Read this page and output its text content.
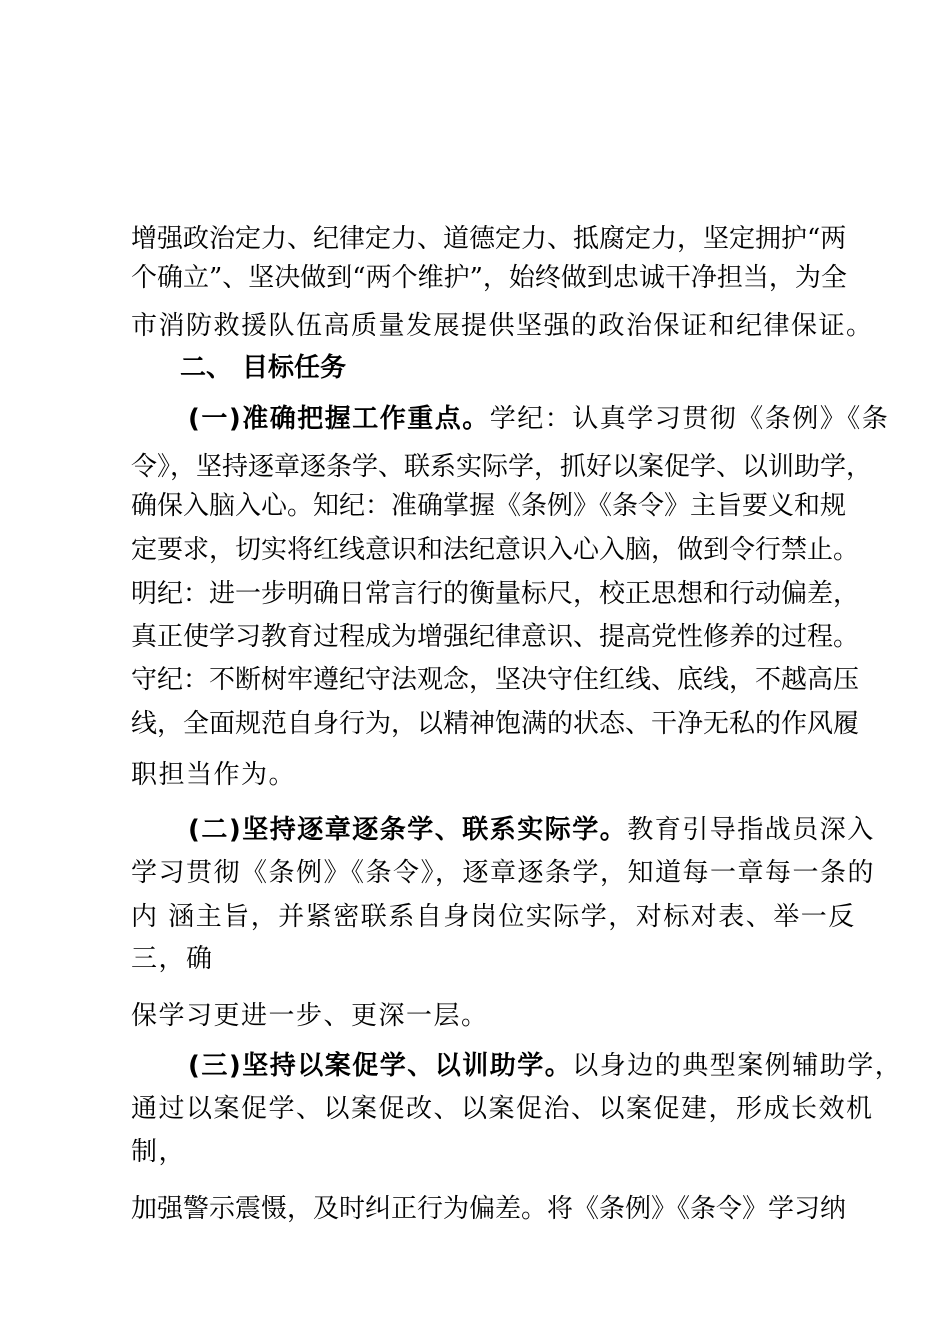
增强政治定力、纪律定力、道德定力、抵腐定力，坚定拥护“两
个确立”、坚决做到“两个维护”，始终做到忠诚干净担当，为全
市消防救援队伍高质量发展提供坚强的政治保证和纪律保证。
二、 目标任务
(一)准确把握工作重点。学纪：认真学习贯彻《条例》《条
令》，坚持逐章逐条学、联系实际学，抓好以案促学、以训助学，
确保入脑入心。知纪：准确掌握《条例》《条令》主旨要义和规
定要求，切实将红线意识和法纪意识入心入脑，做到令行禁止。
明纪：进一步明确日常言行的衡量标尺，校正思想和行动偏差，
真正使学习教育过程成为增强纪律意识、提高党性修养的过程。
守纪：不断树牢遵纪守法观念，坚决守住红线、底线，不越高压
线，全面规范自身行为，以精神饱满的状态、干净无私的作风履
职担当作为。
(二)坚持逐章逐条学、联系实际学。教育引导指战员深入
学习贯彻《条例》《条令》，逐章逐条学，知道每一章每一条的
内 涵主旨，并紧密联系自身岗位实际学，对标对表、举一反
三，确
保学习更进一步、更深一层。
(三)坚持以案促学、以训助学。以身边的典型案例辅助学，
通过以案促学、以案促改、以案促治、以案促建，形成长效机
制，
加强警示震慑，及时纠正行为偏差。将《条例》《条令》学习纳
